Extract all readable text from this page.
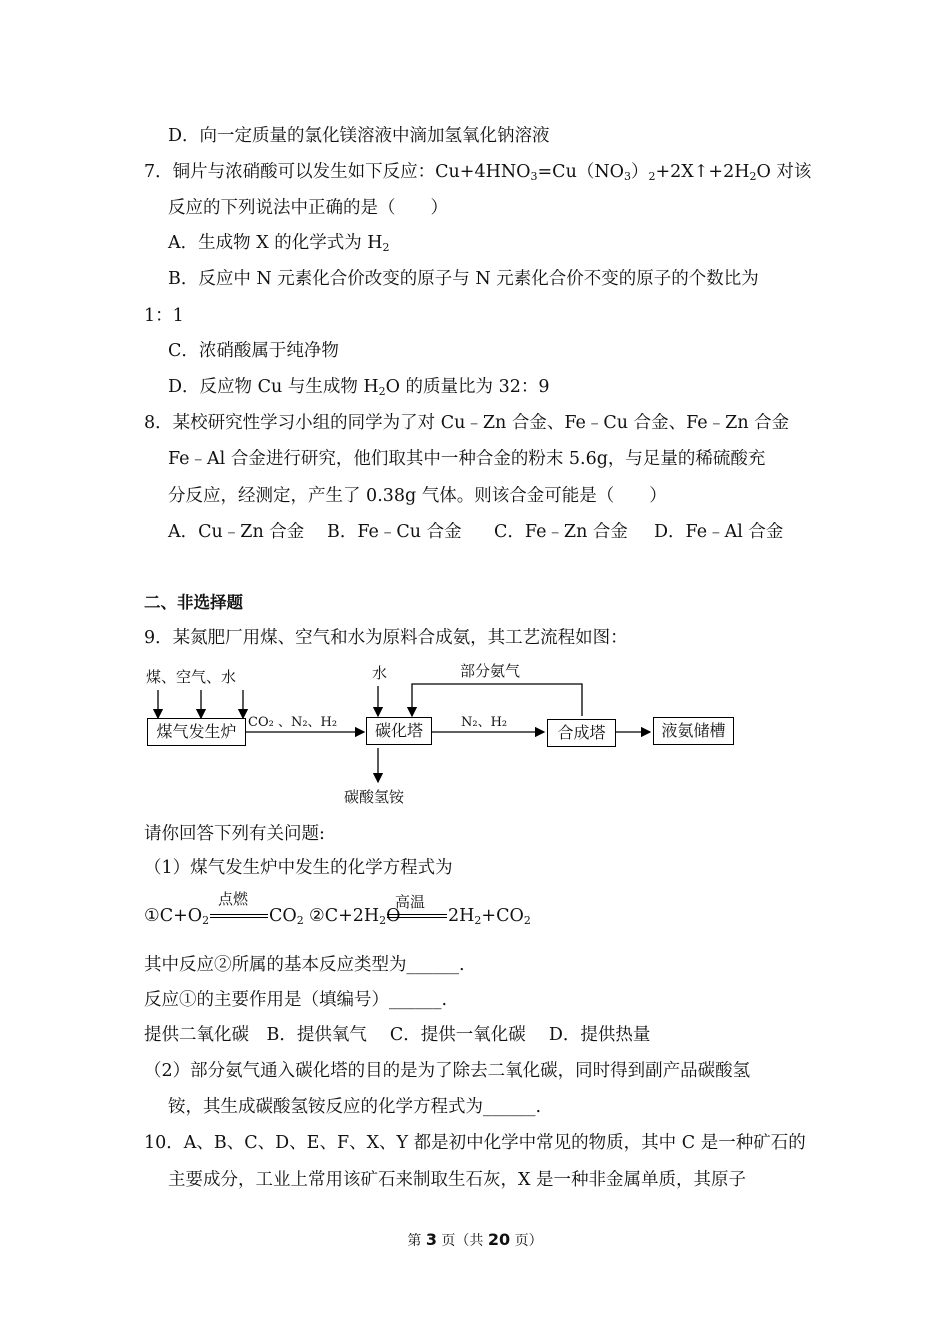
D．向一定质量的氯化镁溶液中滴加氢氧化钠溶液
7．铜片与浓硝酸可以发生如下反应：$Cu+4HNO_3=Cu(NO_3)_2+2X↑+2H_2O$ 对该
反应的下列说法中正确的是（　　）
A．生成物 X 的化学式为 $H_2$
B．反应中 N 元素化合价改变的原子与 N 元素化合价不变的原子的个数比为
1：1
C．浓硝酸属于纯净物
D．反应物 Cu 与生成物 $H_2O$ 的质量比为 32：9
8．某校研究性学习小组的同学为了对 Cu﹣Zn 合金、Fe﹣Cu 合金、Fe﹣Zn 合金
Fe﹣Al 合金进行研究，他们取其中一种合金的粉末 5.6g，与足量的稀硫酸充
分反应，经测定，产生了 0.38g 气体。则该合金可能是（　　）
A．Cu﹣Zn 合金 B．Fe﹣Cu 合金 C．Fe﹣Zn 合金 D．Fe﹣Al 合金
二、非选择题
9．某氮肥厂用煤、空气和水为原料合成氨，其工艺流程如图：
煤、空气、水
煤气发生炉 CO₂ 、N₂、H₂
水
碳化塔
部分氨气
N₂、H₂
合成塔	液氨储槽
碳酸氢铵
请你回答下列有关问题:
（1）煤气发生炉中发生的化学方程式为
$①C+O_2$
点燃
$CO_2$ $②C+2H_2O$
高温
$2H_2+CO_2$
其中反应②所属的基本反应类型为______.
反应①的主要作用是（填编号）______.
提供二氧化碳　B．提供氧气　 C．提供一氧化碳　 D．提供热量
（2）部分氨气通入碳化塔的目的是为了除去二氧化碳，同时得到副产品碳酸氢
铵，其生成碳酸氢铵反应的化学方程式为______.
10．A、B、C、D、E、F、X、Y 都是初中化学中常见的物质，其中 C 是一种矿石的
主要成分，工业上常用该矿石来制取生石灰，X 是一种非金属单质，其原子
第 3 页（共 20 页）
